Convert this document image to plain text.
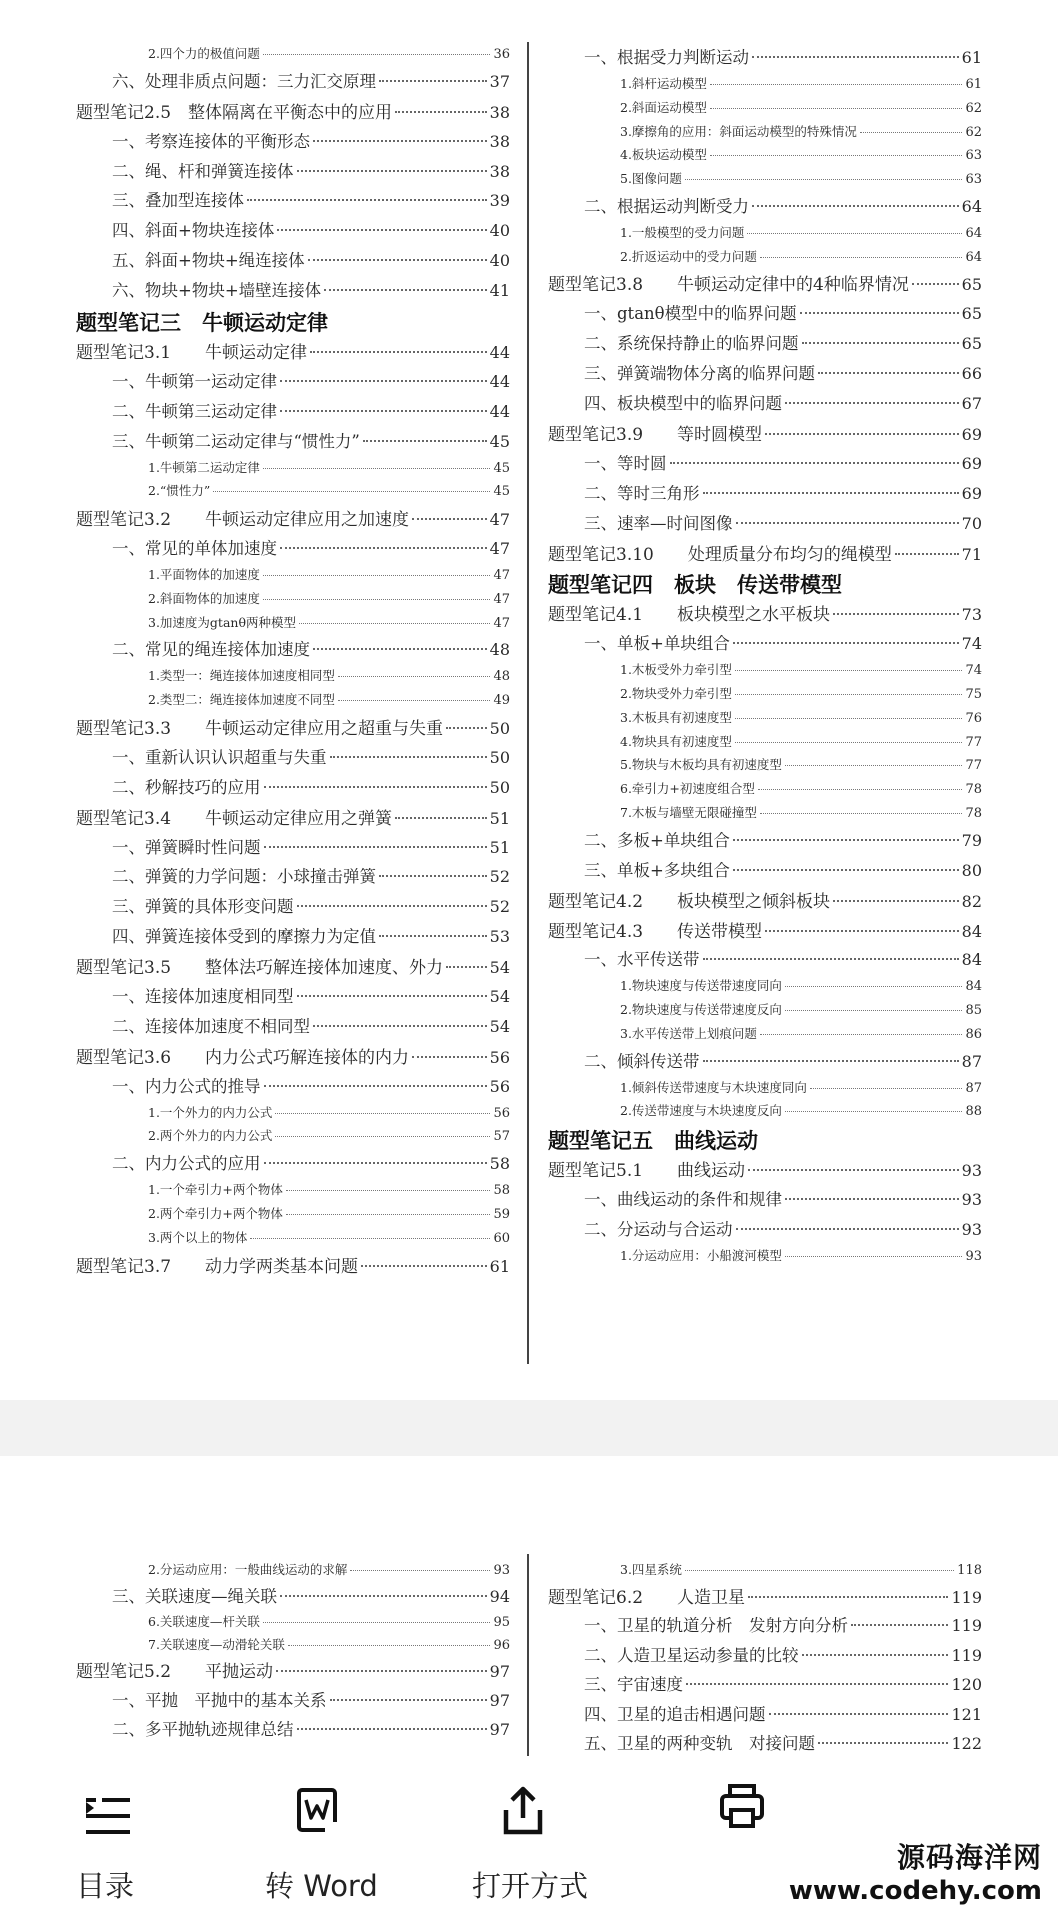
2.四个力的极值问题	36
六、处理非质点问题：三力汇交原理	37
题型笔记2.5　整体隔离在平衡态中的应用	38
一、考察连接体的平衡形态	38
二、绳、杆和弹簧连接体	38
三、叠加型连接体	39
四、斜面+物块连接体	40
五、斜面+物块+绳连接体	40
六、物块+物块+墙壁连接体	41
题型笔记三　牛顿运动定律
题型笔记3.1　　牛顿运动定律	44
一、牛顿第一运动定律	44
二、牛顿第三运动定律	44
三、牛顿第二运动定律与“惯性力”	45
1.牛顿第二运动定律	45
2.“惯性力”	45
题型笔记3.2　　牛顿运动定律应用之加速度	47
一、常见的单体加速度	47
1.平面物体的加速度	47
2.斜面物体的加速度	47
3.加速度为gtanθ两种模型	47
二、常见的绳连接体加速度	48
1.类型一：绳连接体加速度相同型	48
2.类型二：绳连接体加速度不同型	49
题型笔记3.3　　牛顿运动定律应用之超重与失重	50
一、重新认识认识超重与失重	50
二、秒解技巧的应用	50
题型笔记3.4　　牛顿运动定律应用之弹簧	51
一、弹簧瞬时性问题	51
二、弹簧的力学问题：小球撞击弹簧	52
三、弹簧的具体形变问题	52
四、弹簧连接体受到的摩擦力为定值	53
题型笔记3.5　　整体法巧解连接体加速度、外力	54
一、连接体加速度相同型	54
二、连接体加速度不相同型	54
题型笔记3.6　　内力公式巧解连接体的内力	56
一、内力公式的推导	56
1.一个外力的内力公式	56
2.两个外力的内力公式	57
二、内力公式的应用	58
1.一个牵引力+两个物体	58
2.两个牵引力+两个物体	59
3.两个以上的物体	60
题型笔记3.7　　动力学两类基本问题	61
一、根据受力判断运动	61
1.斜杆运动模型	61
2.斜面运动模型	62
3.摩擦角的应用：斜面运动模型的特殊情况	62
4.板块运动模型	63
5.图像问题	63
二、根据运动判断受力	64
1.一般模型的受力问题	64
2.折返运动中的受力问题	64
题型笔记3.8　　牛顿运动定律中的4种临界情况	65
一、gtanθ模型中的临界问题	65
二、系统保持静止的临界问题	65
三、弹簧端物体分离的临界问题	66
四、板块模型中的临界问题	67
题型笔记3.9　　等时圆模型	69
一、等时圆	69
二、等时三角形	69
三、速率—时间图像	70
题型笔记3.10　　处理质量分布均匀的绳模型	71
题型笔记四　板块　传送带模型
题型笔记4.1　　板块模型之水平板块	73
一、单板+单块组合	74
1.木板受外力牵引型	74
2.物块受外力牵引型	75
3.木板具有初速度型	76
4.物块具有初速度型	77
5.物块与木板均具有初速度型	77
6.牵引力+初速度组合型	78
7.木板与墙壁无限碰撞型	78
二、多板+单块组合	79
三、单板+多块组合	80
题型笔记4.2　　板块模型之倾斜板块	82
题型笔记4.3　　传送带模型	84
一、水平传送带	84
1.物块速度与传送带速度同向	84
2.物块速度与传送带速度反向	85
3.水平传送带上划痕问题	86
二、倾斜传送带	87
1.倾斜传送带速度与木块速度同向	87
2.传送带速度与木块速度反向	88
题型笔记五　曲线运动
题型笔记5.1　　曲线运动	93
一、曲线运动的条件和规律	93
二、分运动与合运动	93
1.分运动应用：小船渡河模型	93
2.分运动应用：一般曲线运动的求解	93
三、关联速度—绳关联	94
6.关联速度—杆关联	95
7.关联速度—动滑轮关联	96
题型笔记5.2　　平抛运动	97
一、平抛　平抛中的基本关系	97
二、多平抛轨迹规律总结	97
3.四星系统	118
题型笔记6.2　　人造卫星	119
一、卫星的轨道分析　发射方向分析	119
二、人造卫星运动参量的比较	119
三、宇宙速度	120
四、卫星的追击相遇问题	121
五、卫星的两种变轨　对接问题	122
目录	转 Word	打开方式
源码海洋网
www.codehy.com
